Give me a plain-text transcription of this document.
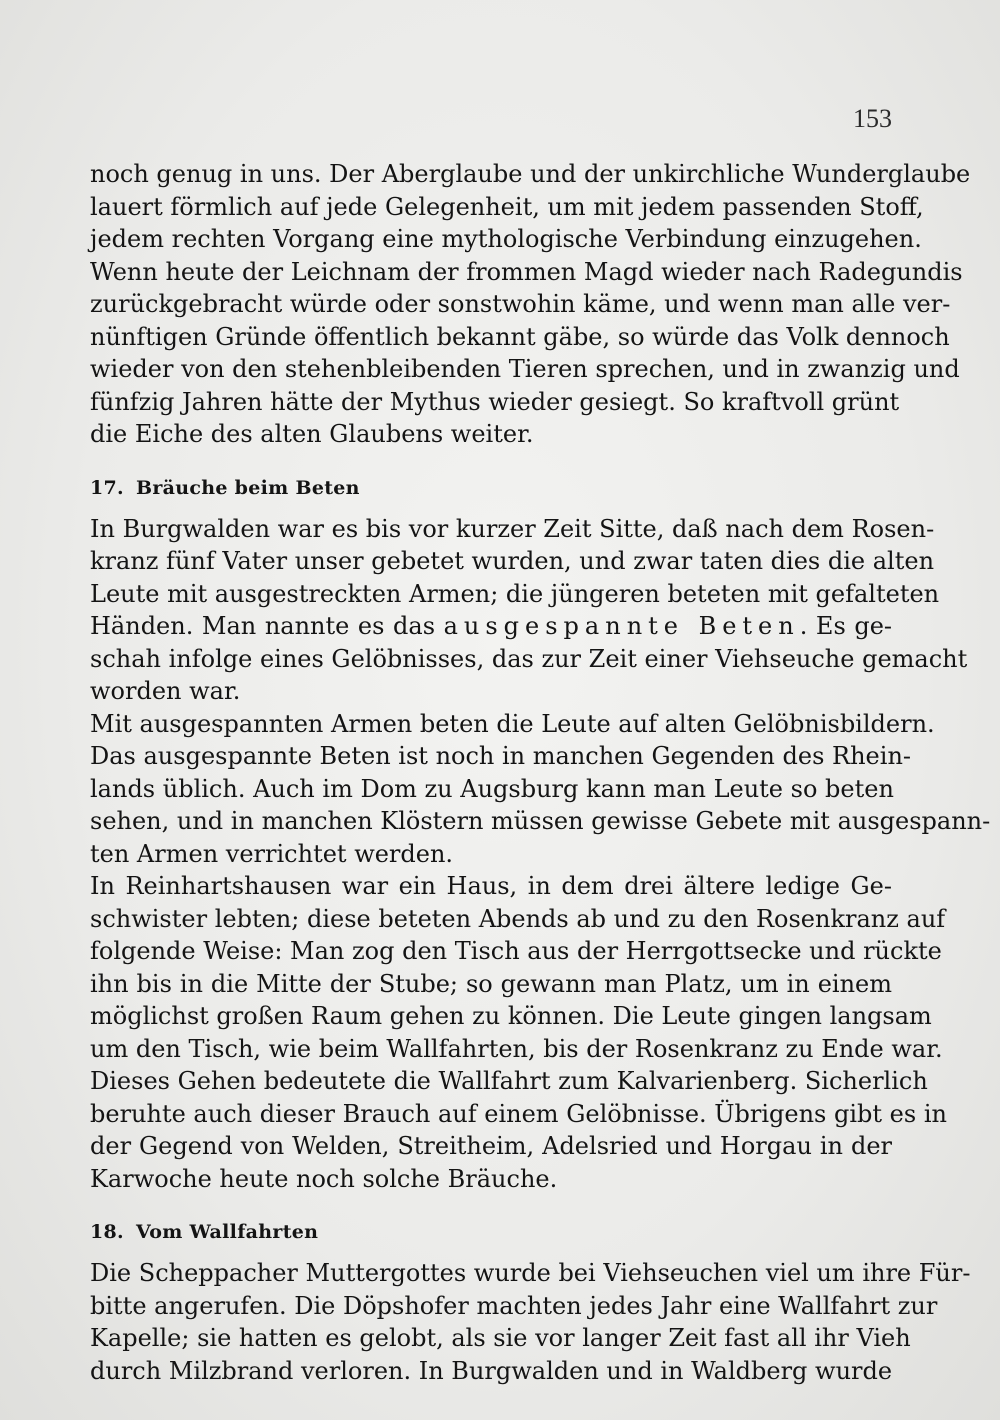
153

noch genug in uns. Der Aberglaube und der unkirchliche Wunderglaube

lauert förmlich auf jede Gelegenheit, um mit jedem passenden Stoff,

jedem rechten Vorgang eine mythologische Verbindung einzugehen.

Wenn heute der Leichnam der frommen Magd wieder nach Radegundis

zurückgebracht würde oder sonstwohin käme, und wenn man alle ver-

nünftigen Gründe öffentlich bekannt gäbe, so würde das Volk dennoch

wieder von den stehenbleibenden Tieren sprechen, und in zwanzig und

fünfzig Jahren hätte der Mythus wieder gesiegt. So kraftvoll grünt

die Eiche des alten Glaubens weiter.

17. Bräuche beim Beten

In Burgwalden war es bis vor kurzer Zeit Sitte, daß nach dem Rosen-

kranz fünf Vater unser gebetet wurden, und zwar taten dies die alten

Leute mit ausgestreckten Armen; die jüngeren beteten mit gefalteten

Händen. Man nannte es das ausgespannte Beten. Es ge-

schah infolge eines Gelöbnisses, das zur Zeit einer Viehseuche gemacht

worden war.

Mit ausgespannten Armen beten die Leute auf alten Gelöbnisbildern.

Das ausgespannte Beten ist noch in manchen Gegenden des Rhein-

lands üblich. Auch im Dom zu Augsburg kann man Leute so beten

sehen, und in manchen Klöstern müssen gewisse Gebete mit ausgespann-

ten Armen verrichtet werden.

In Reinhartshausen war ein Haus, in dem drei ältere ledige Ge-

schwister lebten; diese beteten Abends ab und zu den Rosenkranz auf

folgende Weise: Man zog den Tisch aus der Herrgottsecke und rückte

ihn bis in die Mitte der Stube; so gewann man Platz, um in einem

möglichst großen Raum gehen zu können. Die Leute gingen langsam

um den Tisch, wie beim Wallfahrten, bis der Rosenkranz zu Ende war.

Dieses Gehen bedeutete die Wallfahrt zum Kalvarienberg. Sicherlich

beruhte auch dieser Brauch auf einem Gelöbnisse. Übrigens gibt es in

der Gegend von Welden, Streitheim, Adelsried und Horgau in der

Karwoche heute noch solche Bräuche.

18. Vom Wallfahrten

Die Scheppacher Muttergottes wurde bei Viehseuchen viel um ihre Für-

bitte angerufen. Die Döpshofer machten jedes Jahr eine Wallfahrt zur

Kapelle; sie hatten es gelobt, als sie vor langer Zeit fast all ihr Vieh

durch Milzbrand verloren. In Burgwalden und in Waldberg wurde
